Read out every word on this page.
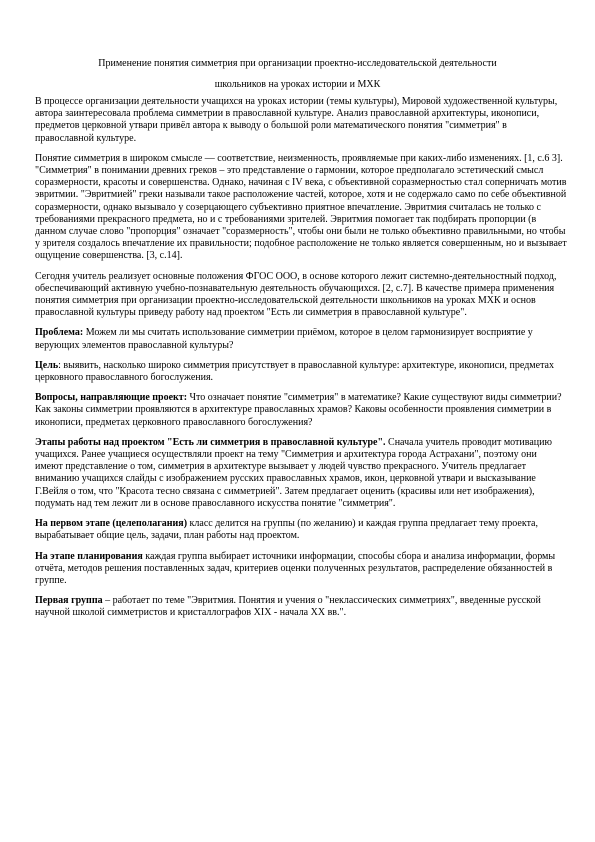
Применение понятия симметрия при организации проектно-исследовательской деятельности
школьников на уроках истории и МХК

В процессе организации деятельности учащихся на уроках истории (темы культуры), Мировой художественной культуры, автора заинтересовала проблема симметрии в православной культуре. Анализ православной архитектуры, иконописи, предметов церковной утвари привёл автора к выводу о большой роли математического понятия "симметрия" в православной культуре.

Понятие симметрия в широком смысле — соответствие, неизменность, проявляемые при каких-либо изменениях. [1, с.6 3]. "Симметрия" в понимании древних греков – это представление о гармонии, которое предполагало эстетический смысл соразмерности, красоты и совершенства. Однако, начиная с IV века, с объективной соразмерностью стал соперничать мотив эвритмии. "Эвритмией" греки называли такое расположение частей, которое, хотя и не содержало само по себе объективной соразмерности, однако вызывало у созерцающего субъективно приятное впечатление. Эвритмия считалась не только с требованиями прекрасного предмета, но и с требованиями зрителей. Эвритмия помогает так подбирать пропорции (в данном случае слово "пропорция" означает "соразмерность", чтобы они были не только объективно правильными, но чтобы у зрителя создалось впечатление их правильности; подобное расположение не только является совершенным, но и вызывает ощущение совершенства. [3, с.14].

Сегодня учитель реализует основные положения ФГОС ООО, в основе которого лежит системно-деятельностный подход, обеспечивающий активную учебно-познавательную деятельность обучающихся. [2, с.7]. В качестве примера применения понятия симметрия при организации проектно-исследовательской деятельности школьников на уроках МХК и основ православной культуры приведу работу над проектом "Есть ли симметрия в православной культуре".

Проблема: Можем ли мы считать использование симметрии приёмом, которое в целом гармонизирует восприятие у верующих элементов православной культуры?

Цель: выявить, насколько широко симметрия присутствует в православной культуре: архитектуре, иконописи, предметах церковного православного богослужения.

Вопросы, направляющие проект: Что означает понятие "симметрия" в математике? Какие существуют виды симметрии? Как законы симметрии проявляются в архитектуре православных храмов? Каковы особенности проявления симметрии в иконописи, предметах церковного православного богослужения?

Этапы работы над проектом "Есть ли симметрия в православной культуре". Сначала учитель проводит мотивацию учащихся. Ранее учащиеся осуществляли проект на тему "Симметрия и архитектура города Астрахани", поэтому они имеют представление о том, симметрия в архитектуре вызывает у людей чувство прекрасного. Учитель предлагает вниманию учащихся слайды с изображением русских православных храмов, икон, церковной утвари и высказывание Г.Вейля о том, что "Красота тесно связана с симметрией". Затем предлагает оценить (красивы или нет изображения), подумать над тем лежит ли в основе православного искусства понятие "симметрия".

На первом этапе (целеполагания) класс делится на группы (по желанию) и каждая группа предлагает тему проекта, вырабатывает общие цель, задачи, план работы над проектом.

На этапе планирования каждая группа выбирает источники информации, способы сбора и анализа информации, формы отчёта, методов решения поставленных задач, критериев оценки полученных результатов, распределение обязанностей в группе.

Первая группа – работает по теме "Эвритмия. Понятия и учения о "неклассических симметриях", введенные русской научной школой симметристов и кристаллографов XIX - начала XX вв.".
